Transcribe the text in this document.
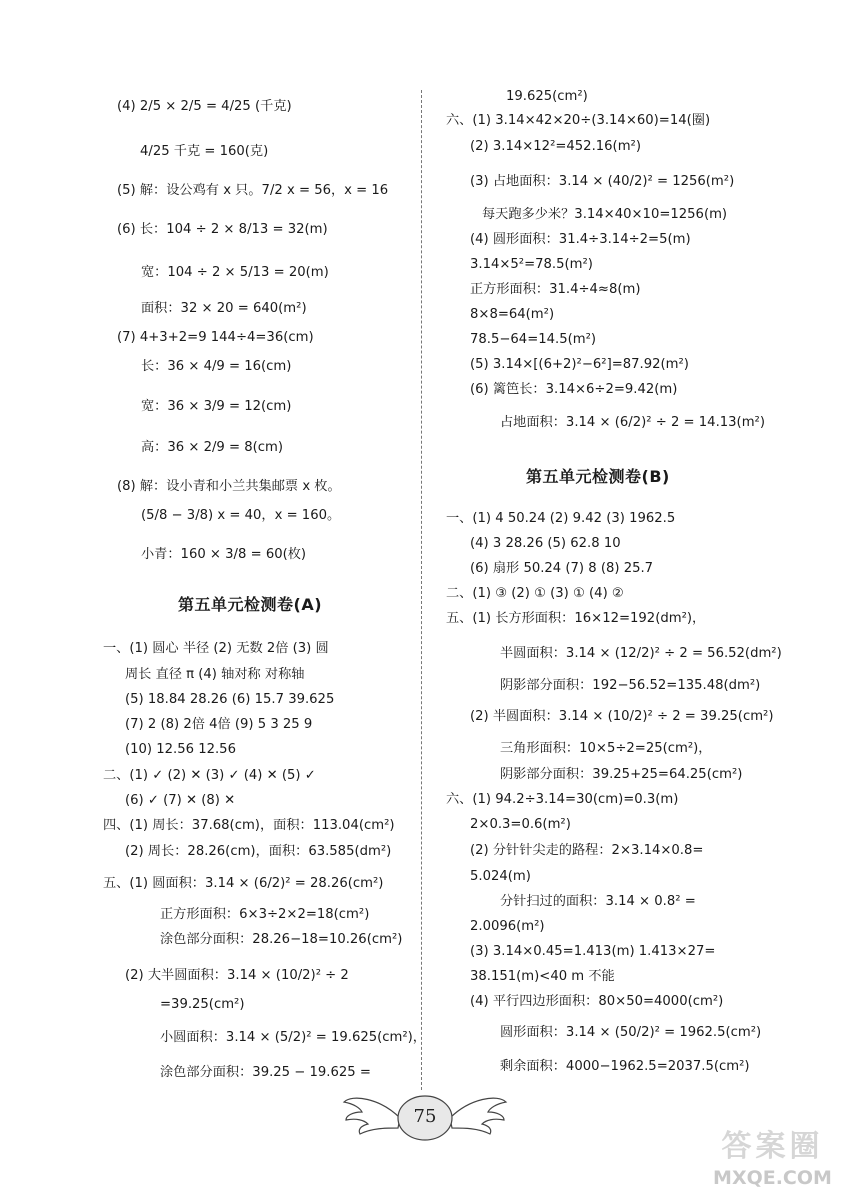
(4) 2/5 × 2/5 = 4/25 (千克)
4/25 千克 = 160(克)
(5) 解：设公鸡有 x 只。7/2 x = 56，x = 16
(6) 长：104 ÷ 2 × 8/13 = 32(m)
宽：104 ÷ 2 × 5/13 = 20(m)
面积：32 × 20 = 640(m²)
(7) 4+3+2=9 144÷4=36(cm)
长：36 × 4/9 = 16(cm)
宽：36 × 3/9 = 12(cm)
高：36 × 2/9 = 8(cm)
(8) 解：设小青和小兰共集邮票 x 枚。
(5/8 − 3/8) x = 40，x = 160。
小青：160 × 3/8 = 60(枚)
第五单元检测卷(A)
一、(1) 圆心 半径 (2) 无数 2倍 (3) 圆
周长 直径 π (4) 轴对称 对称轴
(5) 18.84 28.26 (6) 15.7 39.625
(7) 2 (8) 2倍 4倍 (9) 5 3 25 9
(10) 12.56 12.56
二、(1) ✓ (2) ✕ (3) ✓ (4) ✕ (5) ✓
(6) ✓ (7) ✕ (8) ✕
四、(1) 周长：37.68(cm)，面积：113.04(cm²)
(2) 周长：28.26(cm)，面积：63.585(dm²)
五、(1) 圆面积：3.14 × (6/2)² = 28.26(cm²)
正方形面积：6×3÷2×2=18(cm²)
涂色部分面积：28.26−18=10.26(cm²)
(2) 大半圆面积：3.14 × (10/2)² ÷ 2
=39.25(cm²)
小圆面积：3.14 × (5/2)² = 19.625(cm²)，
涂色部分面积：39.25 − 19.625 =
19.625(cm²)
六、(1) 3.14×42×20÷(3.14×60)=14(圈)
(2) 3.14×12²=452.16(m²)
(3) 占地面积：3.14 × (40/2)² = 1256(m²)
每天跑多少米？3.14×40×10=1256(m)
(4) 圆形面积：31.4÷3.14÷2=5(m)
3.14×5²=78.5(m²)
正方形面积：31.4÷4≈8(m)
8×8=64(m²)
78.5−64=14.5(m²)
(5) 3.14×[(6+2)²−6²]=87.92(m²)
(6) 篱笆长：3.14×6÷2=9.42(m)
占地面积：3.14 × (6/2)² ÷ 2 = 14.13(m²)
第五单元检测卷(B)
一、(1) 4 50.24 (2) 9.42 (3) 1962.5
(4) 3 28.26 (5) 62.8 10
(6) 扇形 50.24 (7) 8 (8) 25.7
二、(1) ③ (2) ① (3) ① (4) ②
五、(1) 长方形面积：16×12=192(dm²)，
半圆面积：3.14 × (12/2)² ÷ 2 = 56.52(dm²)
阴影部分面积：192−56.52=135.48(dm²)
(2) 半圆面积：3.14 × (10/2)² ÷ 2 = 39.25(cm²)
三角形面积：10×5÷2=25(cm²)，
阴影部分面积：39.25+25=64.25(cm²)
六、(1) 94.2÷3.14=30(cm)=0.3(m)
2×0.3=0.6(m²)
(2) 分针针尖走的路程：2×3.14×0.8=
5.024(m)
分针扫过的面积：3.14 × 0.8² =
2.0096(m²)
(3) 3.14×0.45=1.413(m) 1.413×27=
38.151(m)<40 m 不能
(4) 平行四边形面积：80×50=4000(cm²)
圆形面积：3.14 × (50/2)² = 1962.5(cm²)
剩余面积：4000−1962.5=2037.5(cm²)
75
答案圈
MXQE.COM
